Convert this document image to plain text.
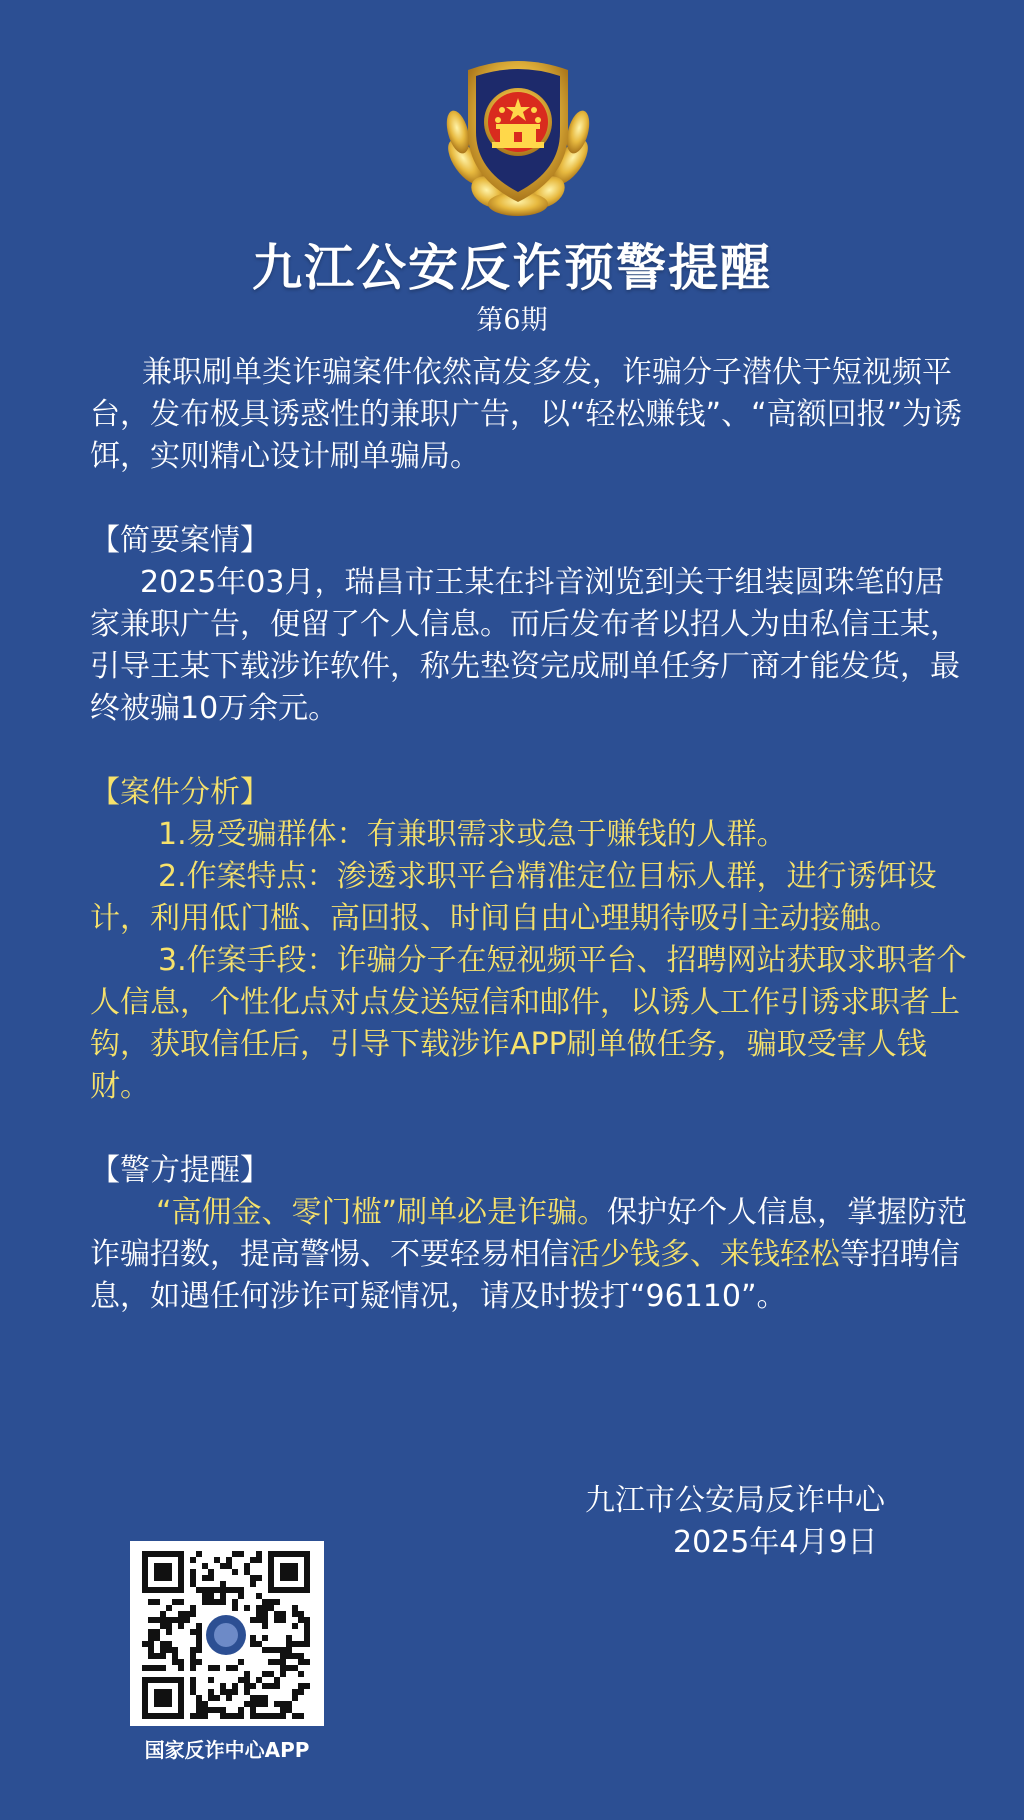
九江公安反诈预警提醒
第6期

兼职刷单类诈骗案件依然高发多发，诈骗分子潜伏于短视频平台，发布极具诱惑性的兼职广告，以“轻松赚钱”、“高额回报”为诱饵，实则精心设计刷单骗局。

【简要案情】

2025年03月，瑞昌市王某在抖音浏览到关于组装圆珠笔的居家兼职广告，便留了个人信息。而后发布者以招人为由私信王某，引导王某下载涉诈软件，称先垫资完成刷单任务厂商才能发货，最终被骗10万余元。

【案件分析】

1.易受骗群体：有兼职需求或急于赚钱的人群。

2.作案特点：渗透求职平台精准定位目标人群，进行诱饵设计，利用低门槛、高回报、时间自由心理期待吸引主动接触。

3.作案手段：诈骗分子在短视频平台、招聘网站获取求职者个人信息，个性化点对点发送短信和邮件，以诱人工作引诱求职者上钩，获取信任后，引导下载涉诈APP刷单做任务，骗取受害人钱财。

【警方提醒】

“高佣金、零门槛”刷单必是诈骗。保护好个人信息，掌握防范诈骗招数，提高警惕、不要轻易相信活少钱多、来钱轻松等招聘信息，如遇任何涉诈可疑情况，请及时拨打“96110”。

九江市公安局反诈中心
2025年4月9日
国家反诈中心APP
